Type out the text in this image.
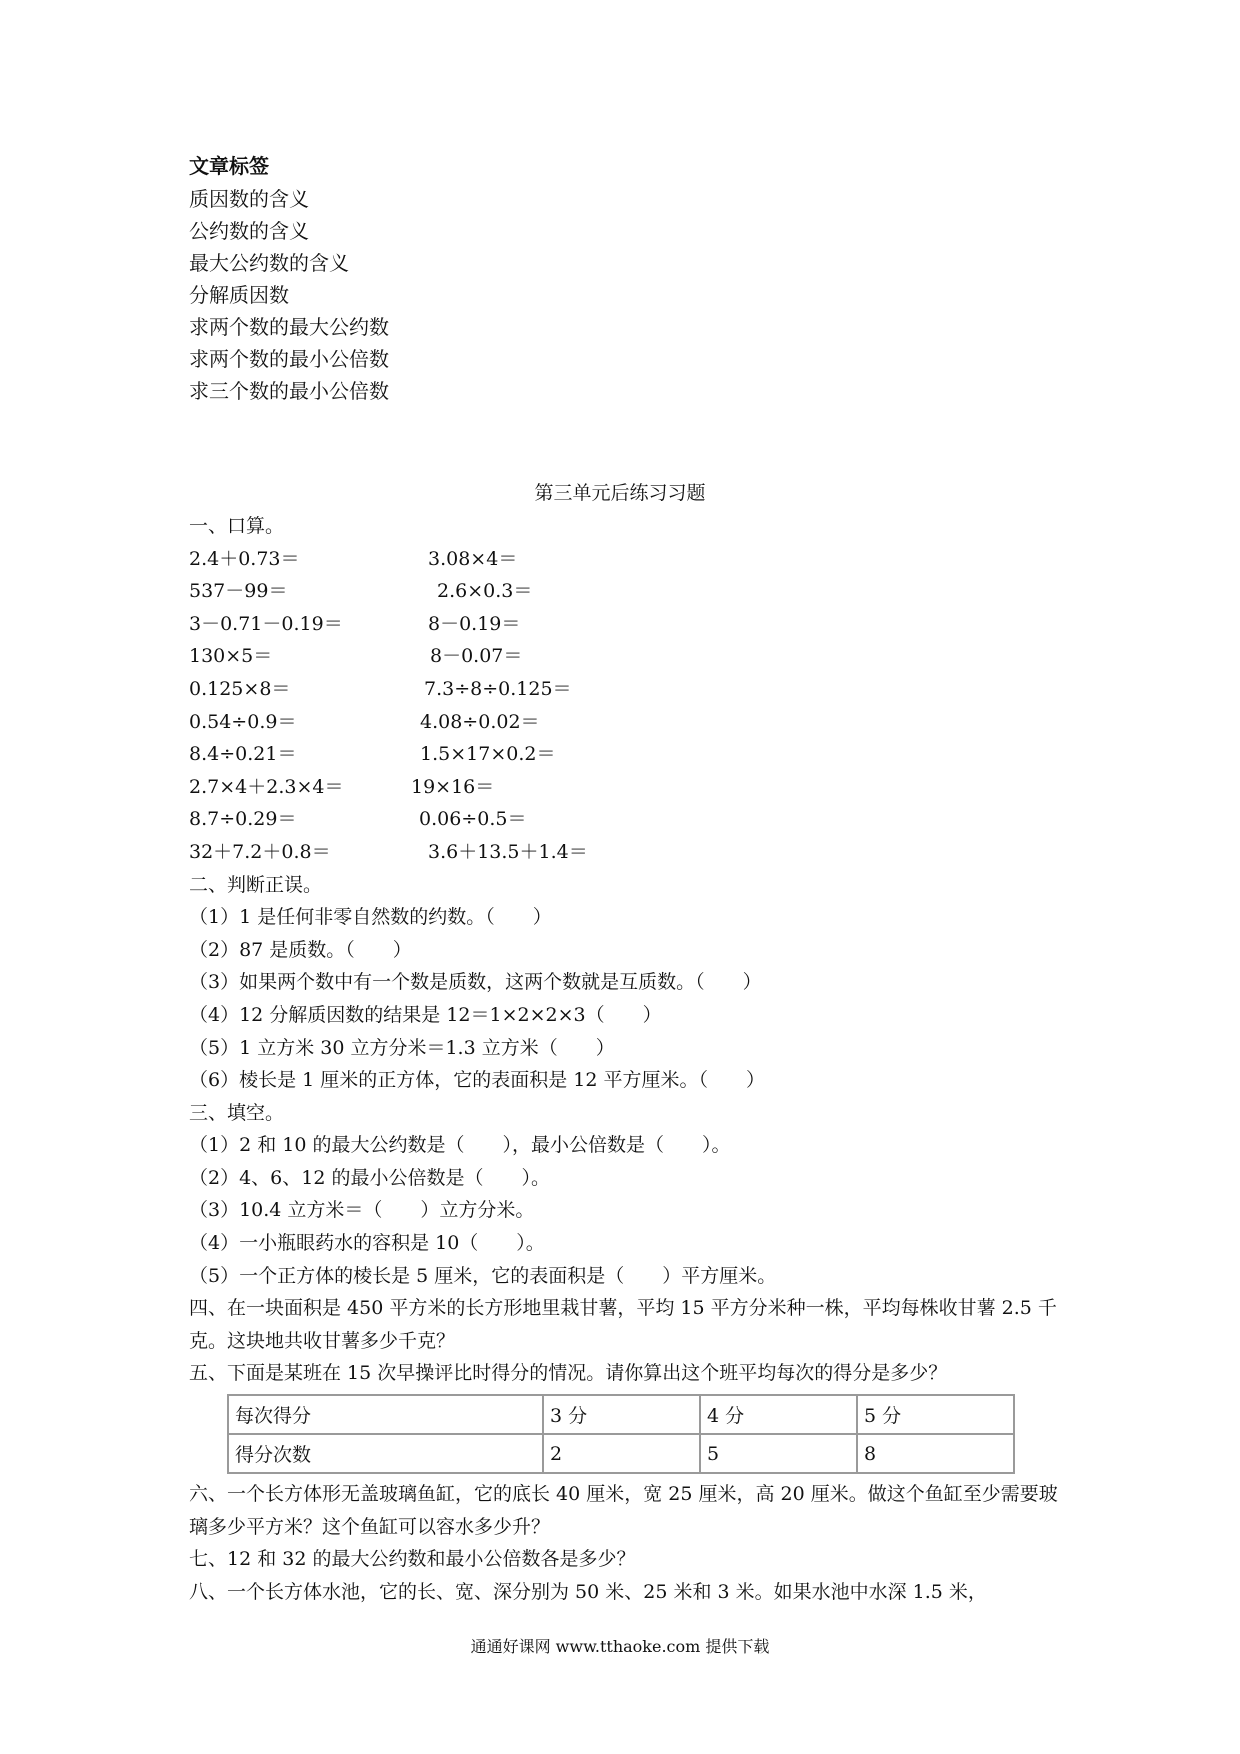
文章标签
质因数的含义
公约数的含义
最大公约数的含义
分解质因数
求两个数的最大公约数
求两个数的最小公倍数
求三个数的最小公倍数
第三单元后练习习题
一、口算。
2.4＋0.73＝	3.08×4＝
537－99＝	2.6×0.3＝
3－0.71－0.19＝	8－0.19＝
130×5＝	8－0.07＝
0.125×8＝	7.3÷8÷0.125＝
0.54÷0.9＝	4.08÷0.02＝
8.4÷0.21＝	1.5×17×0.2＝
2.7×4＋2.3×4＝	19×16＝
8.7÷0.29＝	0.06÷0.5＝
32＋7.2＋0.8＝	3.6＋13.5＋1.4＝
二、判断正误。
（1）1 是任何非零自然数的约数。（　　）
（2）87 是质数。（　　）
（3）如果两个数中有一个数是质数，这两个数就是互质数。（　　）
（4）12 分解质因数的结果是 12＝1×2×2×3（　　）
（5）1 立方米 30 立方分米＝1.3 立方米（　　）
（6）棱长是 1 厘米的正方体，它的表面积是 12 平方厘米。（　　）
三、填空。
（1）2 和 10 的最大公约数是（　　），最小公倍数是（　　）。
（2）4、6、12 的最小公倍数是（　　）。
（3）10.4 立方米＝（　　）立方分米。
（4）一小瓶眼药水的容积是 10（　　）。
（5）一个正方体的棱长是 5 厘米，它的表面积是（　　）平方厘米。
四、在一块面积是 450 平方米的长方形地里栽甘薯，平均 15 平方分米种一株，平均每株收甘薯 2.5 千克。这块地共收甘薯多少千克？
五、下面是某班在 15 次早操评比时得分的情况。请你算出这个班平均每次的得分是多少？
每次得分	3 分	4 分	5 分
得分次数	2	5	8
六、一个长方体形无盖玻璃鱼缸，它的底长 40 厘米，宽 25 厘米，高 20 厘米。做这个鱼缸至少需要玻璃多少平方米？这个鱼缸可以容水多少升？
七、12 和 32 的最大公约数和最小公倍数各是多少？
八、一个长方体水池，它的长、宽、深分别为 50 米、25 米和 3 米。如果水池中水深 1.5 米，
通通好课网 www.tthaoke.com 提供下载
